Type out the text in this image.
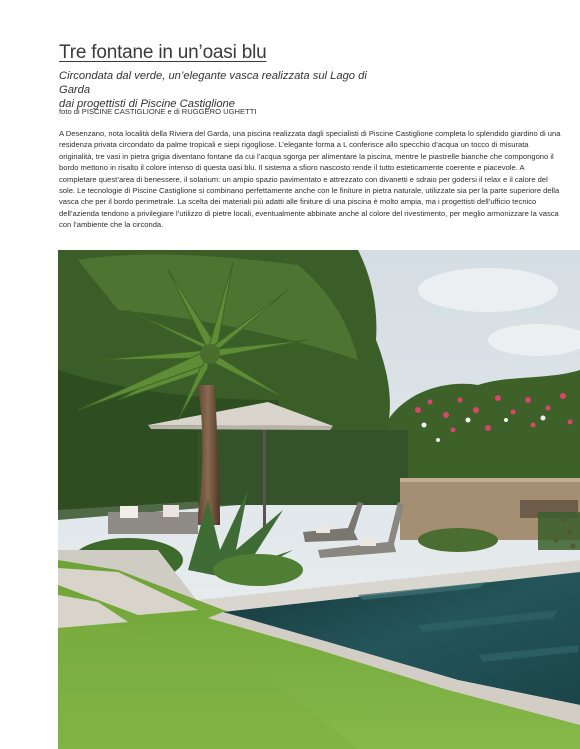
Tre fontane in un’oasi blu

Circondata dal verde, un’elegante vasca realizzata sul Lago di Garda
dai progettisti di Piscine Castiglione

foto di PISCINE CASTIGLIONE e di RUGGERO UGHETTI

A Desenzano, nota località della Riviera del Garda, una piscina realizzata dagli specialisti di Piscine Castiglione completa lo splendido giardino di una residenza privata circondato da palme tropicali e siepi rigogliose. L’elegante forma a L conferisce allo specchio d’acqua un tocco di misurata originalità, tre vasi in pietra grigia diventano fontane da cui l’acqua sgorga per alimentare la piscina, mentre le piastrelle bianche che compongono il bordo mettono in risalto il colore intenso di questa oasi blu. Il sistema a sfioro nascosto rende il tutto esteticamente coerente e piacevole. A completare quest’area di benessere, il solarium: un ampio spazio pavimentato e attrezzato con divanetti e sdraio per godersi il relax e il calore del sole. Le tecnologie di Piscine Castiglione si combinano perfettamente anche con le finiture in pietra naturale, utilizzate sia per la parte superiore della vasca che per il bordo perimetrale. La scelta dei materiali più adatti alle finiture di una piscina è molto ampia, ma i progettisti dell’ufficio tecnico dell’azienda tendono a privilegiare l’utilizzo di pietre locali, eventualmente abbinate anche al colore del rivestimento, per meglio armonizzare la vasca con l’ambiente che la circonda.
